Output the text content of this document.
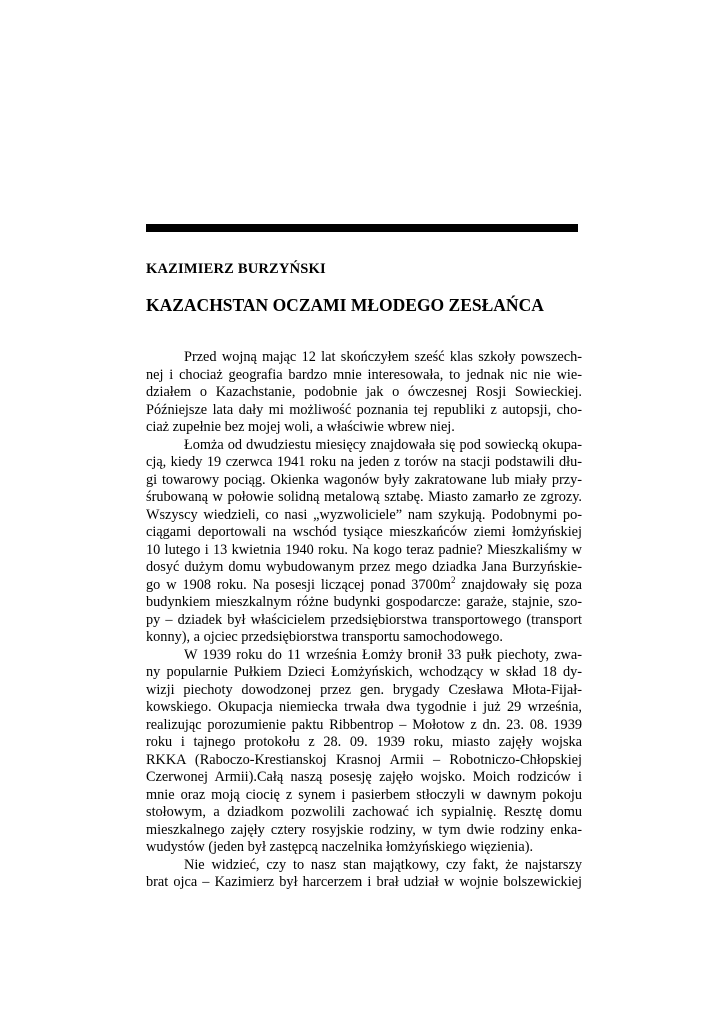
KAZIMIERZ BURZYŃSKI
KAZACHSTAN OCZAMI MŁODEGO ZESŁAŃCA
Przed wojną mając 12 lat skończyłem sześć klas szkoły powszech-
nej i chociaż geografia bardzo mnie interesowała, to jednak nic nie wie-
działem o Kazachstanie, podobnie jak o ówczesnej Rosji Sowieckiej.
Późniejsze lata dały mi możliwość poznania tej republiki z autopsji, cho-
ciaż zupełnie bez mojej woli, a właściwie wbrew niej.
Łomża od dwudziestu miesięcy znajdowała się pod sowiecką okupa-
cją, kiedy 19 czerwca 1941 roku na jeden z torów na stacji podstawili dłu-
gi towarowy pociąg. Okienka wagonów były zakratowane lub miały przy-
śrubowaną w połowie solidną metalową sztabę. Miasto zamarło ze zgrozy.
Wszyscy wiedzieli, co nasi „wyzwoliciele” nam szykują. Podobnymi po-
ciągami deportowali na wschód tysiące mieszkańców ziemi łomżyńskiej
10 lutego i 13 kwietnia 1940 roku. Na kogo teraz padnie? Mieszkaliśmy w
dosyć dużym domu wybudowanym przez mego dziadka Jana Burzyńskie-
go w 1908 roku. Na posesji liczącej ponad $3700m^2$ znajdowały się poza
budynkiem mieszkalnym różne budynki gospodarcze: garaże, stajnie, szo-
py – dziadek był właścicielem przedsiębiorstwa transportowego (transport
konny), a ojciec przedsiębiorstwa transportu samochodowego.
W 1939 roku do 11 września Łomży bronił 33 pułk piechoty, zwa-
ny popularnie Pułkiem Dzieci Łomżyńskich, wchodzący w skład 18 dy-
wizji piechoty dowodzonej przez gen. brygady Czesława Młota-Fijał-
kowskiego. Okupacja niemiecka trwała dwa tygodnie i już 29 września,
realizując porozumienie paktu Ribbentrop – Mołotow z dn. 23. 08. 1939
roku i tajnego protokołu z 28. 09. 1939 roku, miasto zajęły wojska
RKKA (Raboczo-Krestianskoj Krasnoj Armii – Robotniczo-Chłopskiej
Czerwonej Armii).Całą naszą posesję zajęło wojsko. Moich rodziców i
mnie oraz moją ciocię z synem i pasierbem stłoczyli w dawnym pokoju
stołowym, a dziadkom pozwolili zachować ich sypialnię. Resztę domu
mieszkalnego zajęły cztery rosyjskie rodziny, w tym dwie rodziny enka-
wudystów (jeden był zastępcą naczelnika łomżyńskiego więzienia).
Nie widzieć, czy to nasz stan majątkowy, czy fakt, że najstarszy
brat ojca – Kazimierz był harcerzem i brał udział w wojnie bolszewickiej
